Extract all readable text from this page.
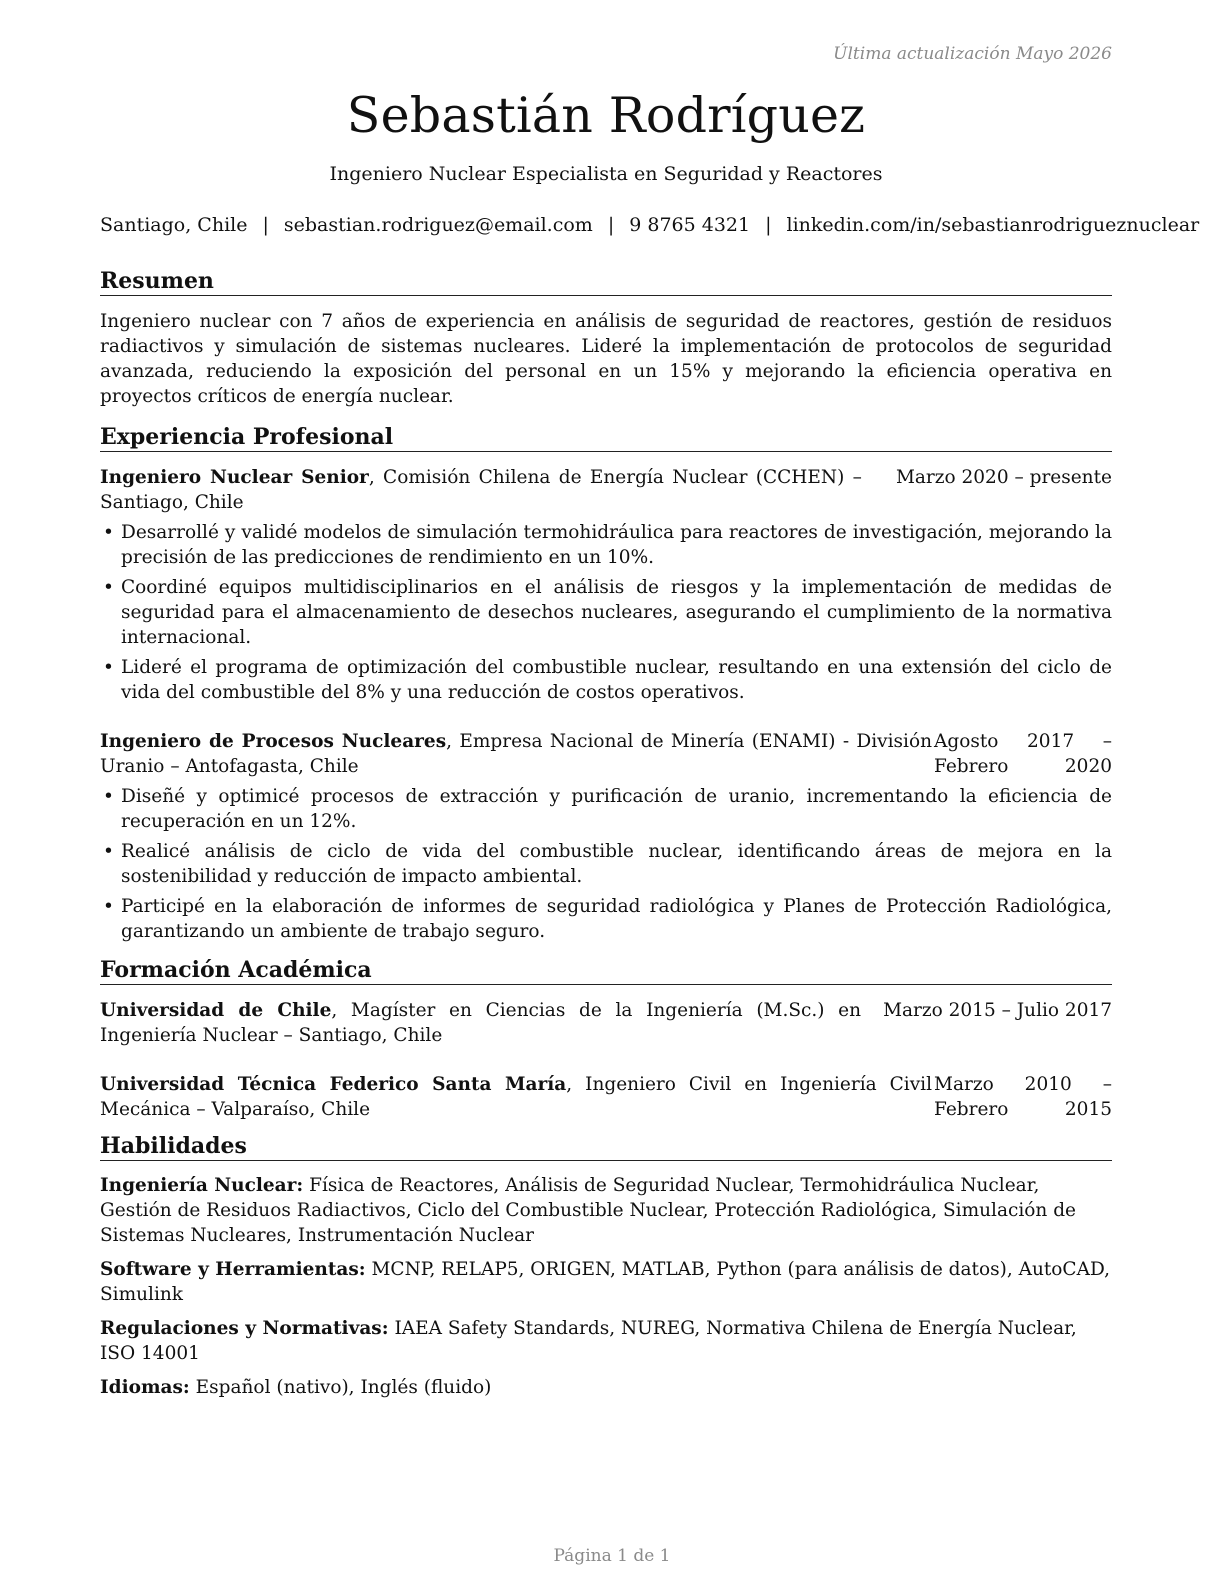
Última actualización Mayo 2026
Sebastián Rodríguez
Ingeniero Nuclear Especialista en Seguridad y Reactores
Santiago, Chile | sebastian.rodriguez@email.com | 9 8765 4321 | linkedin.com/in/sebastianrodrigueznuclear
Resumen
Ingeniero nuclear con 7 años de experiencia en análisis de seguridad de reactores, gestión de residuos radiactivos y simulación de sistemas nucleares. Lideré la implementación de protocolos de seguridad avanzada, reduciendo la exposición del personal en un 15% y mejorando la eficiencia operativa en proyectos críticos de energía nuclear.
Experiencia Profesional
Ingeniero Nuclear Senior, Comisión Chilena de Energía Nuclear (CCHEN) – Santiago, Chile
Marzo 2020 – presente
• Desarrollé y validé modelos de simulación termohidráulica para reactores de investigación, mejorando la precisión de las predicciones de rendimiento en un 10%.
• Coordiné equipos multidisciplinarios en el análisis de riesgos y la implementación de medidas de seguridad para el almacenamiento de desechos nucleares, asegurando el cumplimiento de la normativa internacional.
• Lideré el programa de optimización del combustible nuclear, resultando en una extensión del ciclo de vida del combustible del 8% y una reducción de costos operativos.
Ingeniero de Procesos Nucleares, Empresa Nacional de Minería (ENAMI) - División Uranio – Antofagasta, Chile
Agosto 2017 – Febrero 2020
• Diseñé y optimicé procesos de extracción y purificación de uranio, incrementando la eficiencia de recuperación en un 12%.
• Realicé análisis de ciclo de vida del combustible nuclear, identificando áreas de mejora en la sostenibilidad y reducción de impacto ambiental.
• Participé en la elaboración de informes de seguridad radiológica y Planes de Protección Radiológica, garantizando un ambiente de trabajo seguro.
Formación Académica
Universidad de Chile, Magíster en Ciencias de la Ingeniería (M.Sc.) en Ingeniería Nuclear – Santiago, Chile
Marzo 2015 – Julio 2017
Universidad Técnica Federico Santa María, Ingeniero Civil en Ingeniería Civil Mecánica – Valparaíso, Chile
Marzo 2010 – Febrero 2015
Habilidades
Ingeniería Nuclear: Física de Reactores, Análisis de Seguridad Nuclear, Termohidráulica Nuclear, Gestión de Residuos Radiactivos, Ciclo del Combustible Nuclear, Protección Radiológica, Simulación de Sistemas Nucleares, Instrumentación Nuclear
Software y Herramientas: MCNP, RELAP5, ORIGEN, MATLAB, Python (para análisis de datos), AutoCAD, Simulink
Regulaciones y Normativas: IAEA Safety Standards, NUREG, Normativa Chilena de Energía Nuclear, ISO 14001
Idiomas: Español (nativo), Inglés (fluido)
Página 1 de 1
